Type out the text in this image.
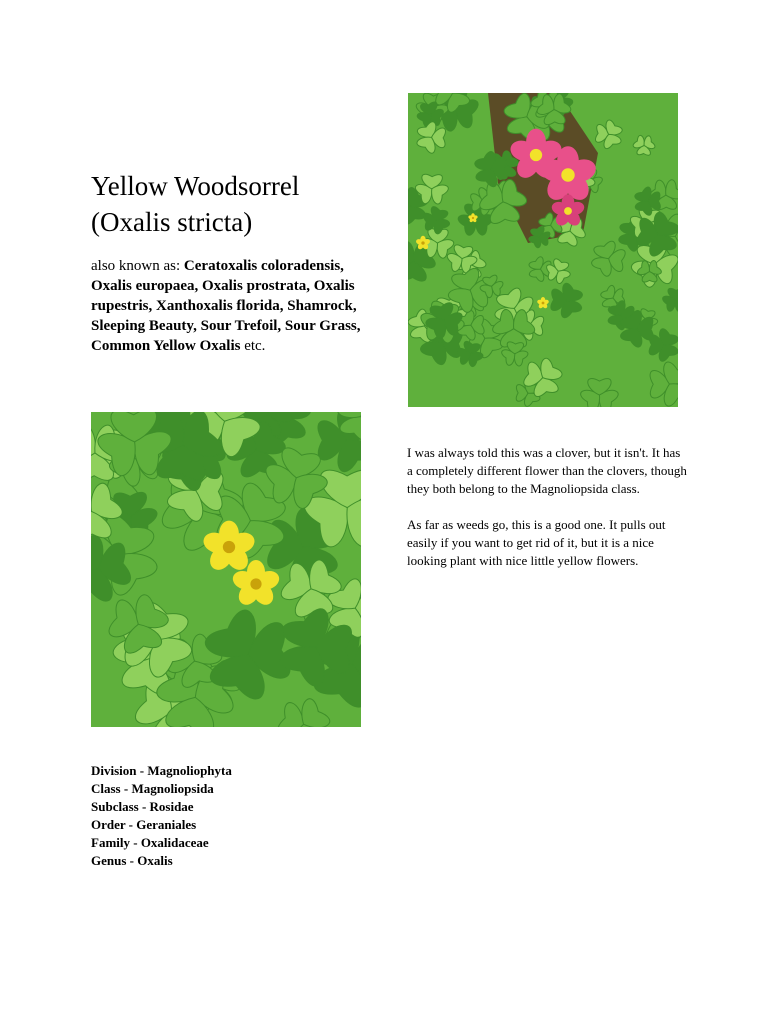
Yellow Woodsorrel
(Oxalis stricta)

also known as: Ceratoxalis coloradensis, Oxalis europaea, Oxalis prostrata, Oxalis rupestris, Xanthoxalis florida, Shamrock, Sleeping Beauty, Sour Trefoil, Sour Grass, Common Yellow Oxalis etc.

I was always told this was a clover, but it isn't. It has a completely different flower than the clovers, though they both belong to the Magnoliopsida class.

As far as weeds go, this is a good one. It pulls out easily if you want to get rid of it, but it is a nice looking plant with nice little yellow flowers.

Division - Magnoliophyta
Class - Magnoliopsida
Subclass - Rosidae
Order - Geraniales
Family - Oxalidaceae
Genus - Oxalis
